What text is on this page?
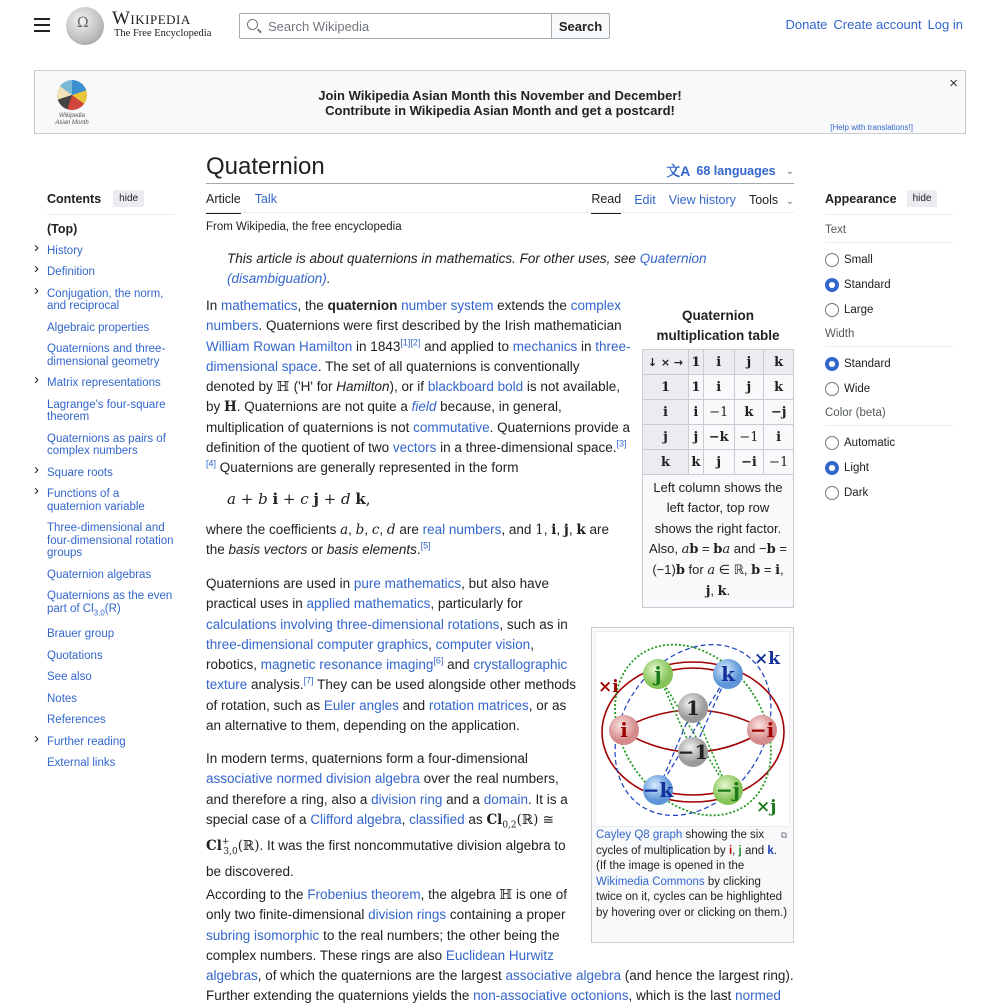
Ω
Wikipedia
The Free Encyclopedia
Search Wikipedia	Search	Donate Create account Log in
Wikipedia Asian Month
Join Wikipedia Asian Month this November and December!
Contribute in Wikipedia Asian Month and get a postcard!
×
[Help with translations!]
Contents	hide
(Top)
› History
› Definition
› Conjugation, the norm, and reciprocal
Algebraic properties
Quaternions and three-dimensional geometry
› Matrix representations
Lagrange's four-square theorem
Quaternions as pairs of complex numbers
› Square roots
› Functions of a quaternion variable
Three-dimensional and four-dimensional rotation groups
Quaternion algebras
Quaternions as the even part of $Cl_{3,0}(R)$
Brauer group
Quotations
See also
Notes
References
› Further reading
External links
Appearance	hide
Text
Small
Standard
Large
Width
Standard
Wide
Color (beta)
Automatic
Light
Dark
Quaternion	文A 68 languages ⌄
Article Talk	Read Edit View history Tools ⌄
From Wikipedia, the free encyclopedia
This article is about quaternions in mathematics. For other uses, see Quaternion (disambiguation).
In mathematics, the quaternion number system extends the complex numbers. Quaternions were first described by the Irish mathematician William Rowan Hamilton in 1843[1][2] and applied to mechanics in three-dimensional space. The set of all quaternions is conventionally denoted by ℍ ('H' for Hamilton), or if blackboard bold is not available, by H. Quaternions are not quite a field because, in general, multiplication of quaternions is not commutative. Quaternions provide a definition of the quotient of two vectors in a three-dimensional space.[3][4] Quaternions are generally represented in the form
a + b i + c j + d k,
where the coefficients a, b, c, d are real numbers, and 1, i, j, k are the basis vectors or basis elements.[5]
Quaternions are used in pure mathematics, but also have practical uses in applied mathematics, particularly for calculations involving three-dimensional rotations, such as in three-dimensional computer graphics, computer vision, robotics, magnetic resonance imaging[6] and crystallographic texture analysis.[7] They can be used alongside other methods of rotation, such as Euler angles and rotation matrices, or as an alternative to them, depending on the application.
In modern terms, quaternions form a four-dimensional associative normed division algebra over the real numbers, and therefore a ring, also a division ring and a domain. It is a special case of a Clifford algebra, classified as $Cl_{0,2}(ℝ)$ ≅ $Cl^+_{3,0}(ℝ)$. It was the first noncommutative division algebra to be discovered.
According to the Frobenius theorem, the algebra ℍ is one of only two finite-dimensional division rings containing a proper subring isomorphic to the real numbers; the other being the complex numbers. These rings are also Euclidean Hurwitz algebras, of which the quaternions are the largest associative algebra (and hence the largest ring). Further extending the quaternions yields the non-associative octonions, which is the last normed
Quaternion multiplication table
↓ × →	1	i	j	k
1	1	i	j	k
i	i	−1	k	−j
j	j	−k	−1	i
k	k	j	−i	−1
Left column shows the left factor, top row shows the right factor. Also, ab = ba and −b = (−1)b for a ∈ ℝ, b = i, j, k.
j	k
1
i	−i
−1
−k −j
×i
×k
×j
⧉
Cayley Q8 graph showing the six cycles of multiplication by i, j and k. (If the image is opened in the Wikimedia Commons by clicking twice on it, cycles can be highlighted by hovering over or clicking on them.)
